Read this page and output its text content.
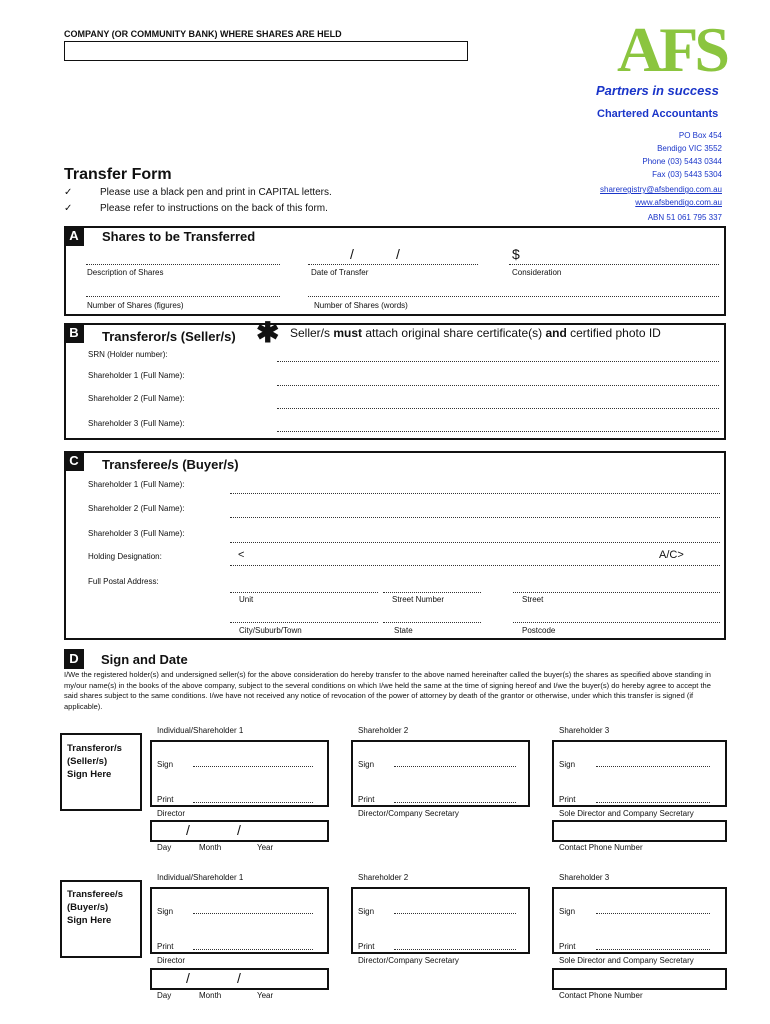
COMPANY (OR COMMUNITY BANK) WHERE SHARES ARE HELD
Transfer Form
✓	Please use a black pen and print in CAPITAL letters.
✓	Please refer to instructions on the back of this form.
AFS
Partners in success
Chartered Accountants
PO Box 454
Bendigo VIC 3552
Phone (03) 5443 0344
Fax (03) 5443 5304
shareregistry@afsbendigo.com.au
www.afsbendigo.com.au
ABN 51 061 795 337
A	Shares to be Transferred
Description of Shares
/	/
Date of Transfer
$
Consideration
Number of Shares (figures)	Number of Shares (words)
B	Transferor/s (Seller/s) ✱ Seller/s must attach original share certificate(s) and certified photo ID
SRN (Holder number):
Shareholder 1 (Full Name):
Shareholder 2 (Full Name):
Shareholder 3 (Full Name):
C	Transferee/s (Buyer/s)
Shareholder 1 (Full Name):
Shareholder 2 (Full Name):
Shareholder 3 (Full Name):
Holding Designation:	<	A/C>
Full Postal Address:
Unit	Street Number	Street
City/Suburb/Town	State	Postcode
D	Sign and Date
I/We the registered holder(s) and undersigned seller(s) for the above consideration do hereby transfer to the above named hereinafter called the buyer(s) the shares as specified above standing in my/our name(s) in the books of the above company, subject to the several conditions on which I/we held the same at the time of signing hereof and I/we the buyer(s) do hereby agree to accept the said shares subject to the same conditions. I/we have not received any notice of revocation of the power of attorney by death of the grantor or otherwise, under which this transfer is signed (if applicable).
Individual/Shareholder 1	Shareholder 2	Shareholder 3
Transferor/s
(Seller/s)
Sign Here
Sign	Sign	Sign
Print	Print	Print
Director	Director/Company Secretary	Sole Director and Company Secretary
/	/
Day	Month	Year	Contact Phone Number
Individual/Shareholder 1	Shareholder 2	Shareholder 3
Transferee/s
(Buyer/s)
Sign Here
Sign	Sign	Sign
Print	Print	Print
Director	Director/Company Secretary	Sole Director and Company Secretary
/	/
Day	Month	Year	Contact Phone Number
